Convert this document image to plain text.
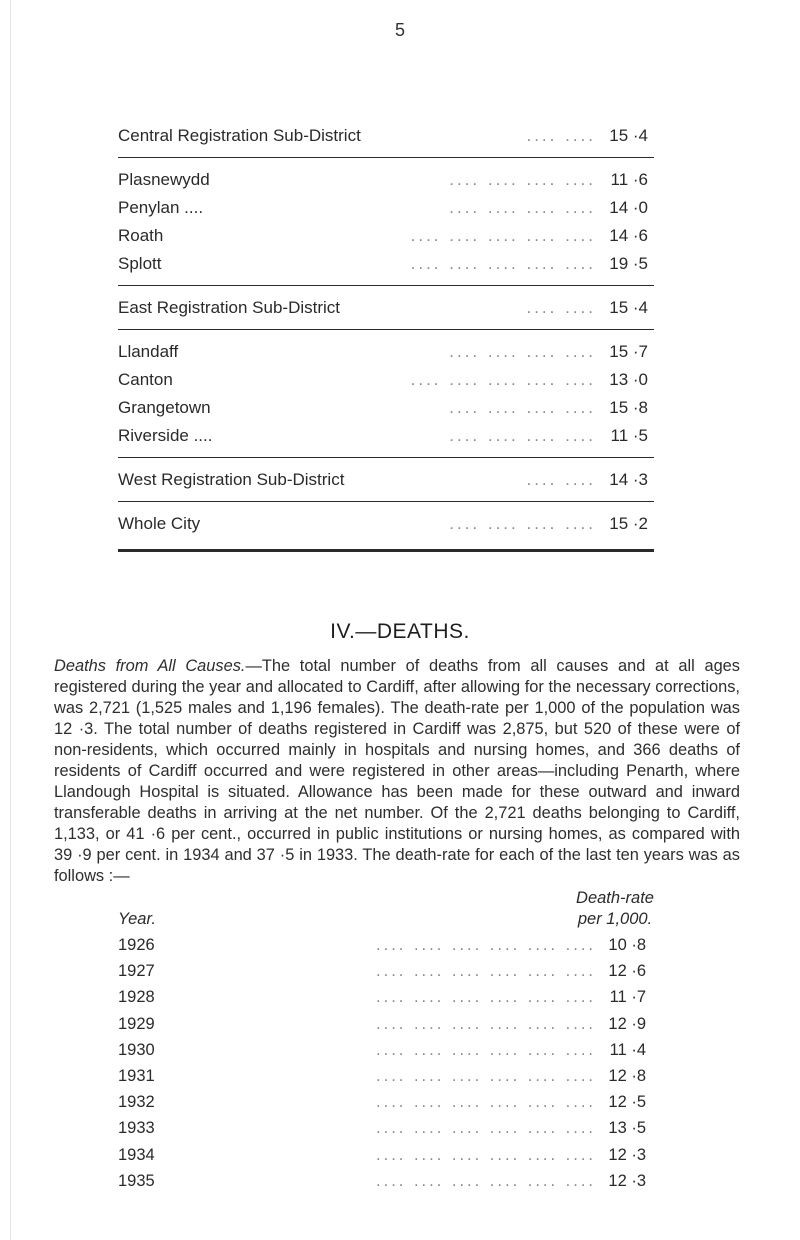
5
.... ....
Central Registration Sub-District	15 ·4
.... .... .... ....
Plasnewydd	11 ·6
.... .... .... ....
Penylan ....	14 ·0
.... .... .... .... ....
Roath	14 ·6
.... .... .... .... ....
Splott	19 ·5
.... ....
East Registration Sub-District	15 ·4
.... .... .... ....
Llandaff	15 ·7
.... .... .... .... ....
Canton	13 ·0
.... .... .... ....
Grangetown	15 ·8
.... .... .... ....
Riverside ....	11 ·5
.... ....
West Registration Sub-District	14 ·3
.... .... .... ....
Whole City	15 ·2
IV.—DEATHS.
Deaths from All Causes.—The total number of deaths from all causes and at all ages registered during the year and allocated to Cardiff, after allowing for the necessary corrections, was 2,721 (1,525 males and 1,196 females). The death-rate per 1,000 of the population was 12 ·3. The total number of deaths registered in Cardiff was 2,875, but 520 of these were of non-residents, which occurred mainly in hospitals and nursing homes, and 366 deaths of residents of Cardiff occurred and were registered in other areas—including Penarth, where Llandough Hospital is situated. Allowance has been made for these outward and inward transferable deaths in arriving at the net number. Of the 2,721 deaths belonging to Cardiff, 1,133, or 41 ·6 per cent., occurred in public institutions or nursing homes, as compared with 39 ·9 per cent. in 1934 and 37 ·5 in 1933. The death-rate for each of the last ten years was as follows :—
Year.
Death-rate
per 1,000.
.... .... .... .... .... ....
1926	10 ·8
.... .... .... .... .... ....
1927	12 ·6
.... .... .... .... .... ....
1928	11 ·7
.... .... .... .... .... ....
1929	12 ·9
.... .... .... .... .... ....
1930	11 ·4
.... .... .... .... .... ....
1931	12 ·8
.... .... .... .... .... ....
1932	12 ·5
.... .... .... .... .... ....
1933	13 ·5
.... .... .... .... .... ....
1934	12 ·3
.... .... .... .... .... ....
1935	12 ·3
